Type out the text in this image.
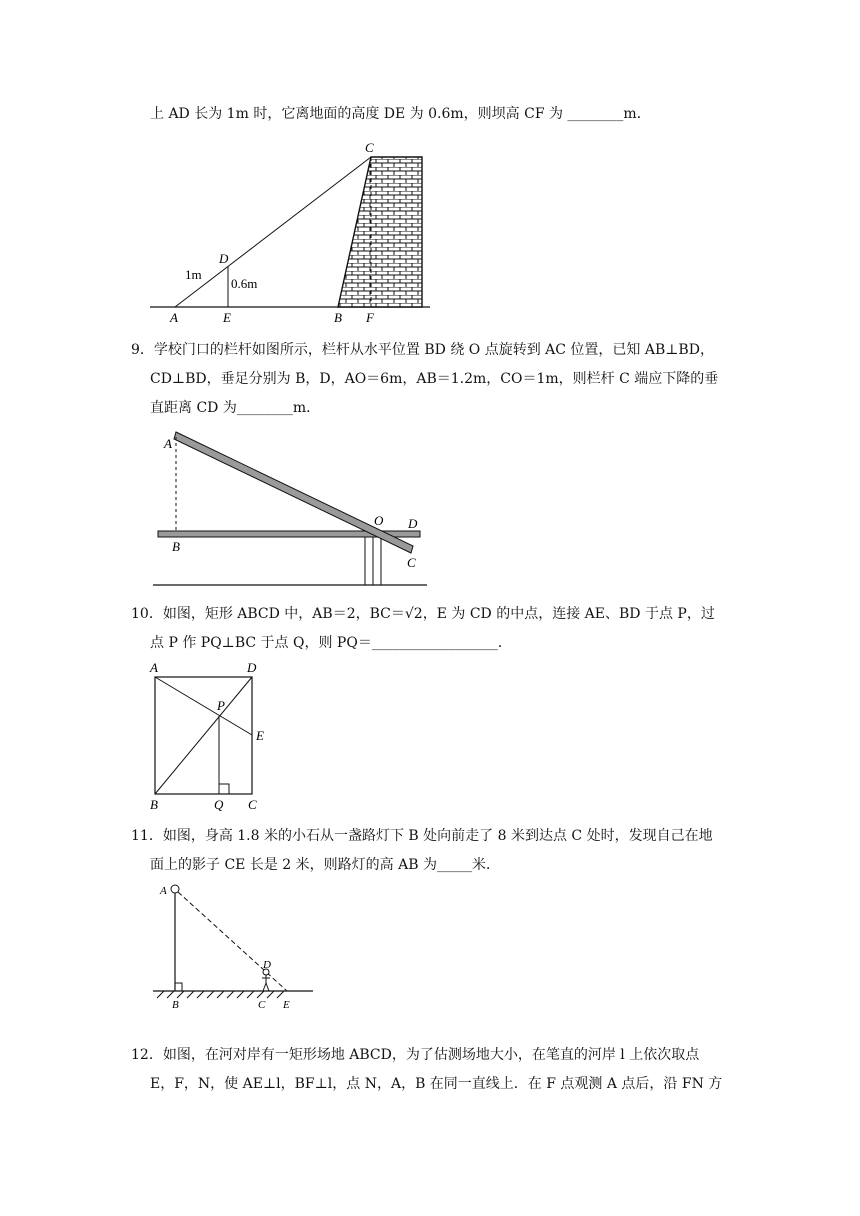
上 AD 长为 1m 时，它离地面的高度 DE 为 0.6m，则坝高 CF 为 ________m．
C
D
1m
0.6m
A	E	B F
9．学校门口的栏杆如图所示，栏杆从水平位置 BD 绕 O 点旋转到 AC 位置，已知 AB⊥BD，
CD⊥BD，垂足分别为 B，D，AO＝6m，AB＝1.2m，CO＝1m，则栏杆 C 端应下降的垂
直距离 CD 为________m．
A
B
O D
C
10．如图，矩形 ABCD 中，AB＝2，BC＝√2，E 为 CD 的中点，连接 AE、BD 于点 P，过
点 P 作 PQ⊥BC 于点 Q，则 PQ＝__________________．
A	D
P
E
B	Q C
11．如图，身高 1.8 米的小石从一盏路灯下 B 处向前走了 8 米到达点 C 处时，发现自己在地
面上的影子 CE 长是 2 米，则路灯的高 AB 为_____米．
A
B
D
C E
12．如图，在河对岸有一矩形场地 ABCD，为了估测场地大小，在笔直的河岸 l 上依次取点
E，F，N，使 AE⊥l，BF⊥l，点 N，A，B 在同一直线上．在 F 点观测 A 点后，沿 FN 方
